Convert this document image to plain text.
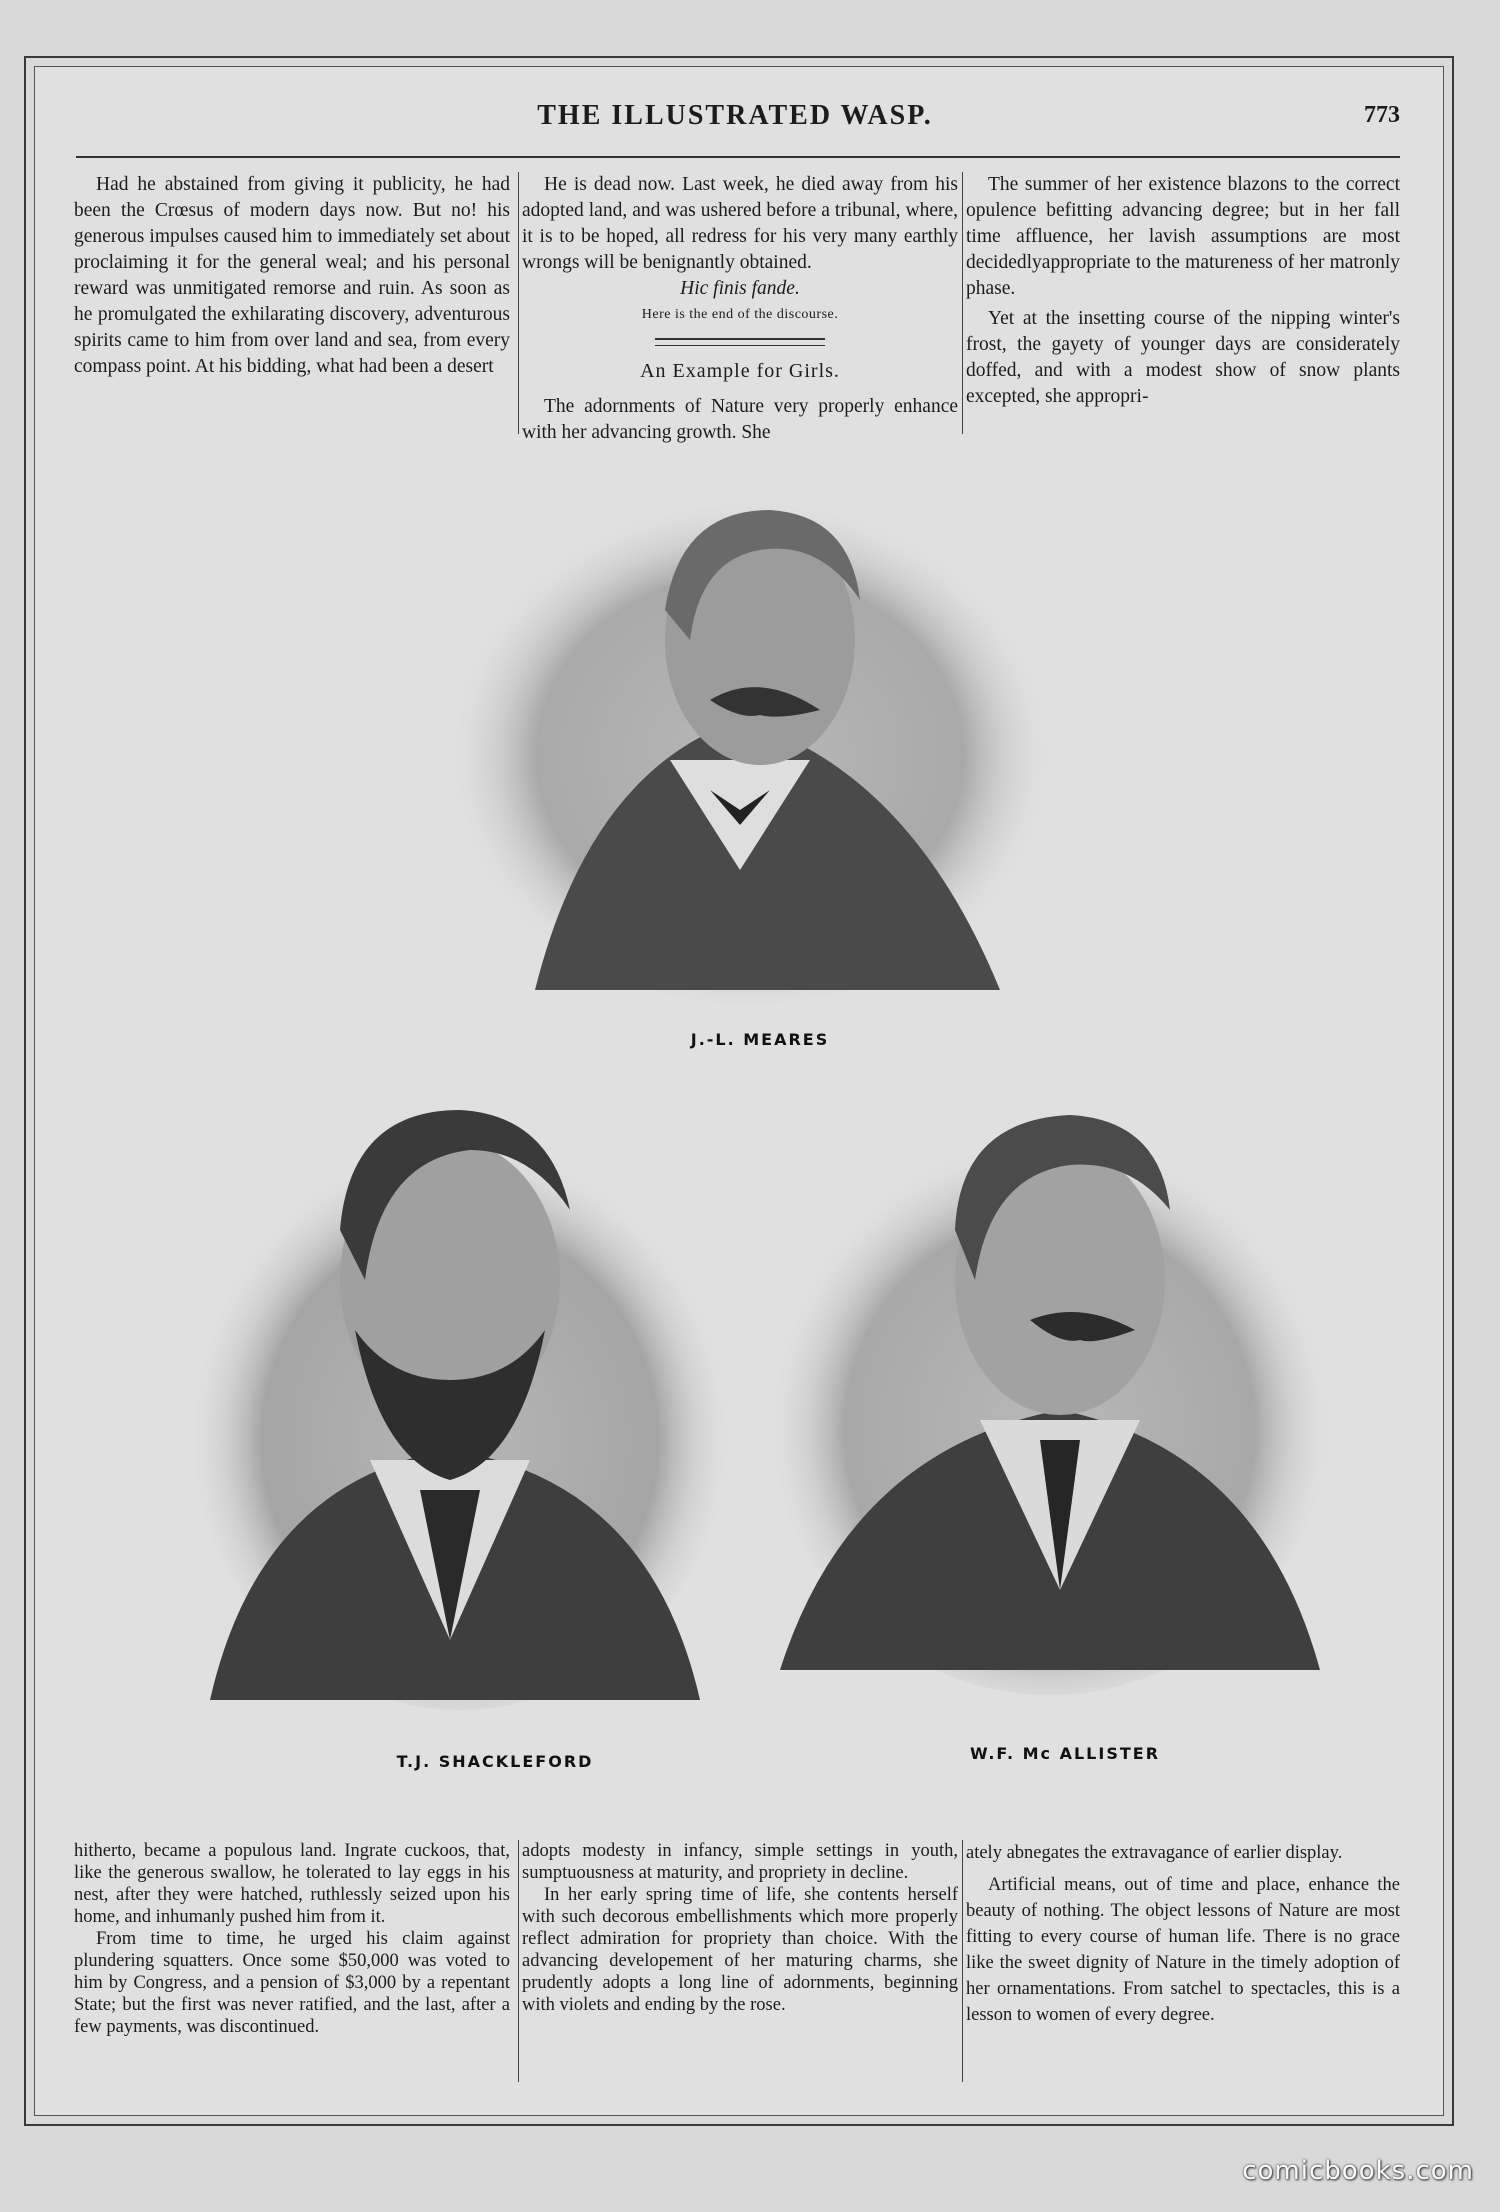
THE ILLUSTRATED WASP.	773

Had he abstained from giving it publicity, he had been the Crœsus of modern days now. But no! his generous impulses caused him to immediately set about proclaiming it for the general weal; and his personal reward was unmitigated remorse and ruin. As soon as he promulgated the exhilarating discovery, adventurous spirits came to him from over land and sea, from every compass point. At his bidding, what had been a desert

He is dead now. Last week, he died away from his adopted land, and was ushered before a tribunal, where, it is to be hoped, all redress for his very many earthly wrongs will be benignantly obtained.

Hic finis fande.

Here is the end of the discourse.

An Example for Girls.

The adornments of Nature very properly enhance with her advancing growth. She

The summer of her existence blazons to the correct opulence befitting advancing degree; but in her fall time affluence, her lavish assumptions are most decidedlyappropriate to the matureness of her matronly phase.

Yet at the insetting course of the nipping winter's frost, the gayety of younger days are considerately doffed, and with a modest show of snow plants excepted, she appropri-

J.-L. MEARES
T.J. SHACKLEFORD	W.F. Mc ALLISTER

hitherto, became a populous land. Ingrate cuckoos, that, like the generous swallow, he tolerated to lay eggs in his nest, after they were hatched, ruthlessly seized upon his home, and inhumanly pushed him from it.

From time to time, he urged his claim against plundering squatters. Once some $50,000 was voted to him by Congress, and a pension of $3,000 by a repentant State; but the first was never ratified, and the last, after a few payments, was discontinued.

adopts modesty in infancy, simple settings in youth, sumptuousness at maturity, and propriety in decline.

In her early spring time of life, she contents herself with such decorous embellishments which more properly reflect admiration for propriety than choice. With the advancing developement of her maturing charms, she prudently adopts a long line of adornments, beginning with violets and ending by the rose.

ately abnegates the extravagance of earlier display.

Artificial means, out of time and place, enhance the beauty of nothing. The object lessons of Nature are most fitting to every course of human life. There is no grace like the sweet dignity of Nature in the timely adoption of her ornamentations. From satchel to spectacles, this is a lesson to women of every degree.

comicbooks.com
